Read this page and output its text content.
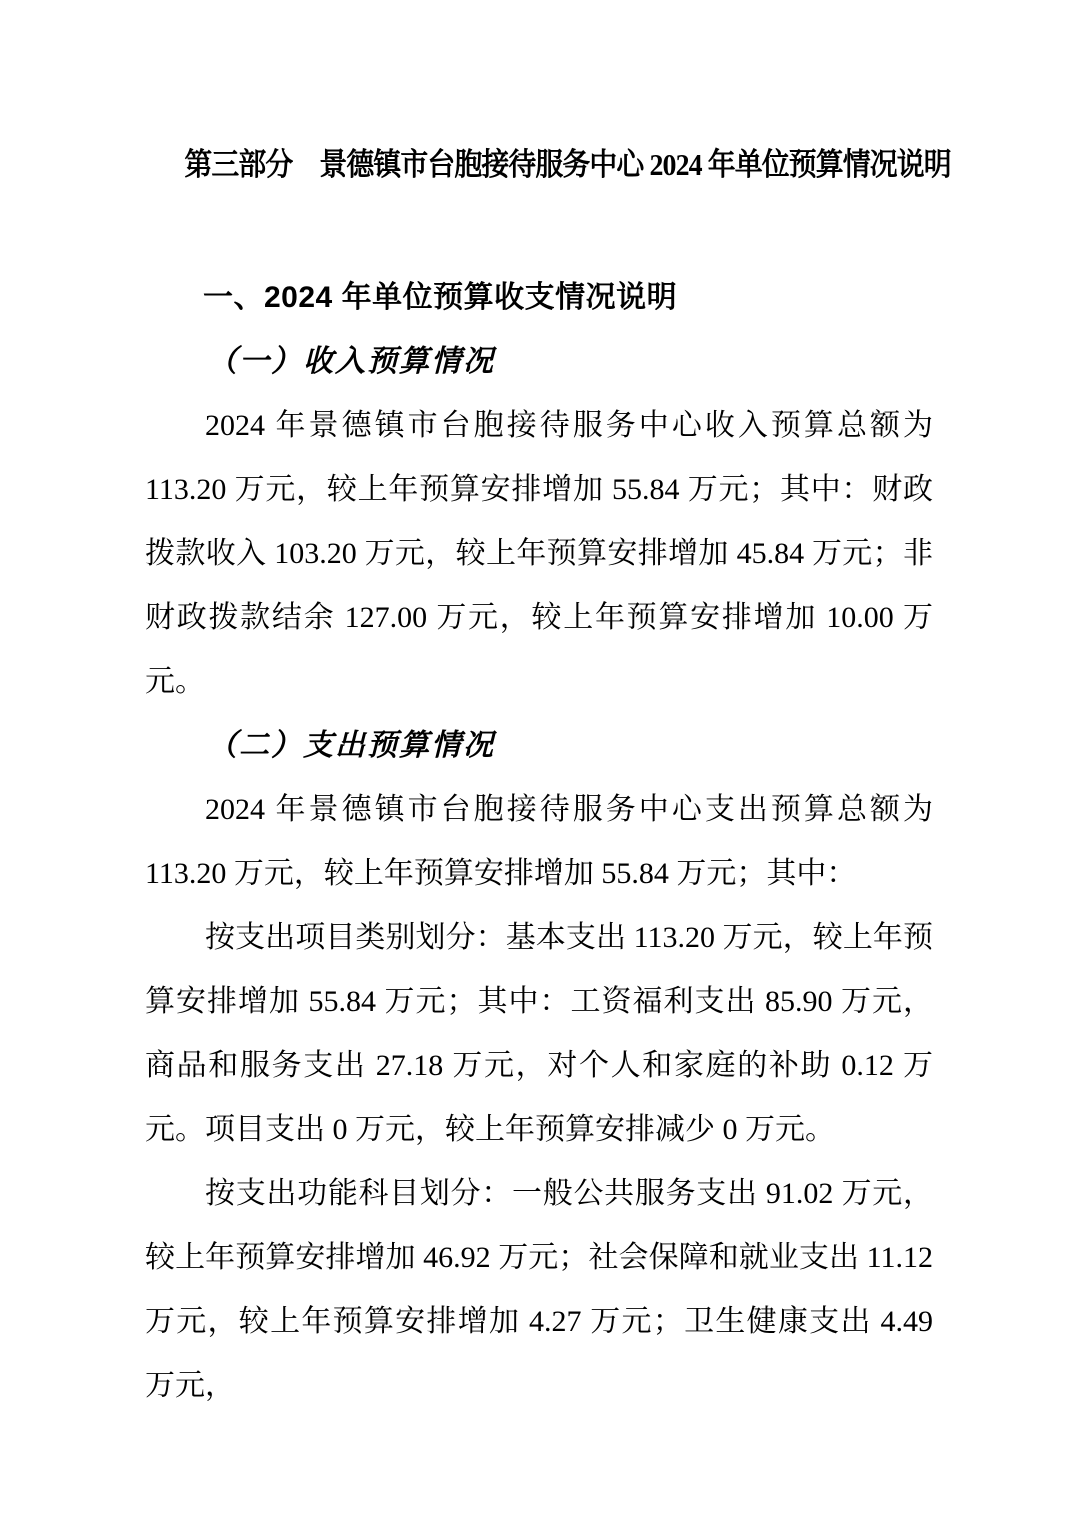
第三部分　景德镇市台胞接待服务中心 2024 年单位预算情况说明
一、2024 年单位预算收支情况说明
（一）收入预算情况

2024 年景德镇市台胞接待服务中心收入预算总额为 113.20 万元，较上年预算安排增加 55.84 万元；其中：财政拨款收入 103.20 万元，较上年预算安排增加 45.84 万元；非财政拨款结余 127.00 万元，较上年预算安排增加 10.00 万元。

（二）支出预算情况

2024 年景德镇市台胞接待服务中心支出预算总额为 113.20 万元，较上年预算安排增加 55.84 万元；其中：

按支出项目类别划分：基本支出 113.20 万元，较上年预算安排增加 55.84 万元；其中：工资福利支出 85.90 万元，商品和服务支出 27.18 万元，对个人和家庭的补助 0.12 万元。项目支出 0 万元，较上年预算安排减少 0 万元。

按支出功能科目划分：一般公共服务支出 91.02 万元，较上年预算安排增加 46.92 万元；社会保障和就业支出 11.12 万元，较上年预算安排增加 4.27 万元；卫生健康支出 4.49 万元，
